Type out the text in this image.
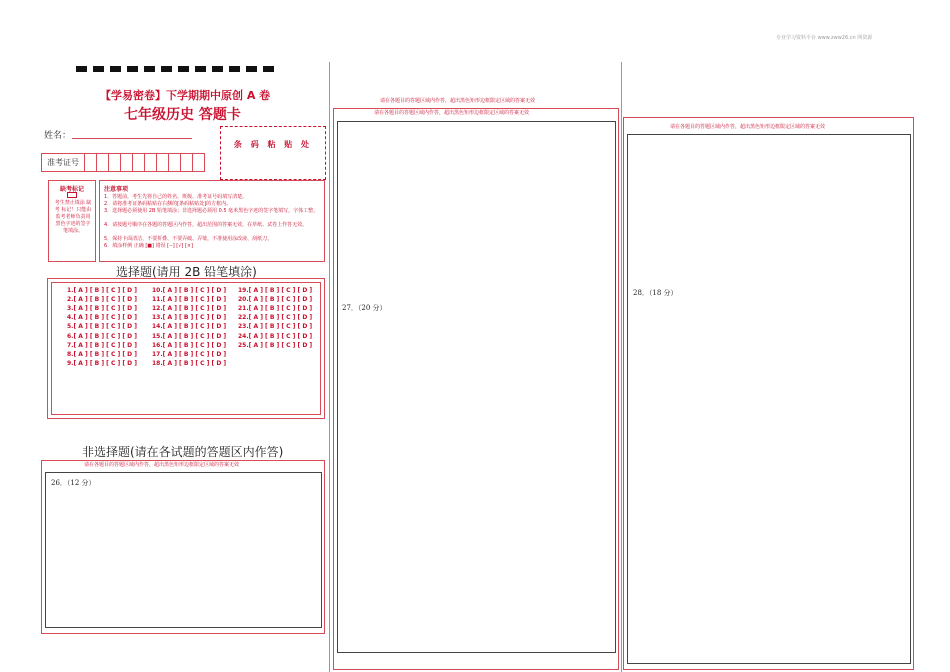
专业学习资料平台 www.zww26.cn 网资源
【学易密卷】下学期期中原创 A 卷
七年级历史 答题卡
姓名：
条 码 粘 贴 处
准考证号
缺考标记
考生禁止填涂 缺 考 标记！只能由监考老师负责用黑色字迹的签字笔填涂。
注意事项
1．答题前，考生先将自己的姓名、班级、准考证号码填写清楚。
2．请将准考证条码粘贴在右侧的[条码粘贴处]的方框内。
3．选择题必须使用 2B 铅笔填涂；非选择题必须用 0.5 毫米黑色字迹的签字笔填写，字体工整。
4．请按题号顺序在各题的答题区内作答，超出范围的答案无效，在草纸、试卷上作答无效。
5．保持卡面清洁，不要折叠、不要弄破、弄皱，不准使用涂改液、刮纸刀。
6．填涂样例 正确 [■] 错误 [--] [√] [×]
选择题(请用 2B 铅笔填涂)
1.[ A ] [ B ] [ C ] [ D ]
2.[ A ] [ B ] [ C ] [ D ]
3.[ A ] [ B ] [ C ] [ D ]
4.[ A ] [ B ] [ C ] [ D ]
5.[ A ] [ B ] [ C ] [ D ]
6.[ A ] [ B ] [ C ] [ D ]
7.[ A ] [ B ] [ C ] [ D ]
8.[ A ] [ B ] [ C ] [ D ]
9.[ A ] [ B ] [ C ] [ D ]
10.[ A ] [ B ] [ C ] [ D ]
11.[ A ] [ B ] [ C ] [ D ]
12.[ A ] [ B ] [ C ] [ D ]
13.[ A ] [ B ] [ C ] [ D ]
14.[ A ] [ B ] [ C ] [ D ]
15.[ A ] [ B ] [ C ] [ D ]
16.[ A ] [ B ] [ C ] [ D ]
17.[ A ] [ B ] [ C ] [ D ]
18.[ A ] [ B ] [ C ] [ D ]
19.[ A ] [ B ] [ C ] [ D ]
20.[ A ] [ B ] [ C ] [ D ]
21.[ A ] [ B ] [ C ] [ D ]
22.[ A ] [ B ] [ C ] [ D ]
23.[ A ] [ B ] [ C ] [ D ]
24.[ A ] [ B ] [ C ] [ D ]
25.[ A ] [ B ] [ C ] [ D ]
非选择题(请在各试题的答题区内作答)
请在各题目的答题区域内作答，超出黑色矩形边框限定区域的答案无效
26．（12 分）
请在各题目的答题区域内作答，超出黑色矩形边框限定区域的答案无效
请在各题目的答题区域内作答，超出黑色矩形边框限定区域的答案无效
27．（20 分）
请在各题目的答题区域内作答，超出黑色矩形边框限定区域的答案无效
28．（18 分）
